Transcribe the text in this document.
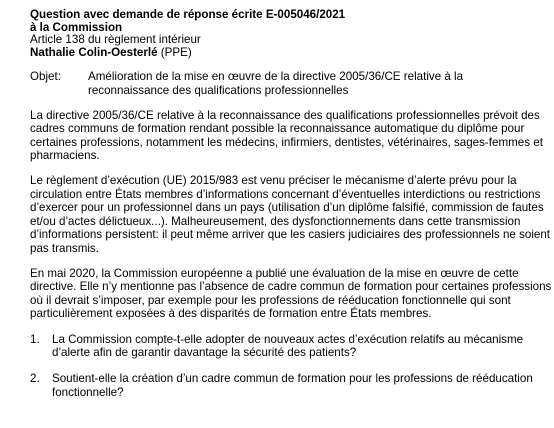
Question avec demande de réponse écrite E-005046/2021
à la Commission
Article 138 du règlement intérieur
Nathalie Colin-Oesterlé (PPE)
Objet:	Amélioration de la mise en œuvre de la directive 2005/36/CE relative à la
reconnaissance des qualifications professionnelles

La directive 2005/36/CE relative à la reconnaissance des qualifications professionnelles prévoit des
cadres communs de formation rendant possible la reconnaissance automatique du diplôme pour
certaines professions, notamment les médecins, infirmiers, dentistes, vétérinaires, sages-femmes et
pharmaciens.

Le règlement d’exécution (UE) 2015/983 est venu préciser le mécanisme d’alerte prévu pour la
circulation entre États membres d’informations concernant d’éventuelles interdictions ou restrictions
d’exercer pour un professionnel dans un pays (utilisation d’un diplôme falsifié, commission de fautes
et/ou d’actes délictueux...). Malheureusement, des dysfonctionnements dans cette transmission
d’informations persistent: il peut même arriver que les casiers judiciaires des professionnels ne soient
pas transmis.

En mai 2020, la Commission européenne a publié une évaluation de la mise en œuvre de cette
directive. Elle n’y mentionne pas l’absence de cadre commun de formation pour certaines professions
où il devrait s’imposer, par exemple pour les professions de rééducation fonctionnelle qui sont
particulièrement exposées à des disparités de formation entre États membres.

1.	La Commission compte-t-elle adopter de nouveaux actes d’exécution relatifs au mécanisme
d’alerte afin de garantir davantage la sécurité des patients?
2.	Soutient-elle la création d’un cadre commun de formation pour les professions de rééducation
fonctionnelle?
